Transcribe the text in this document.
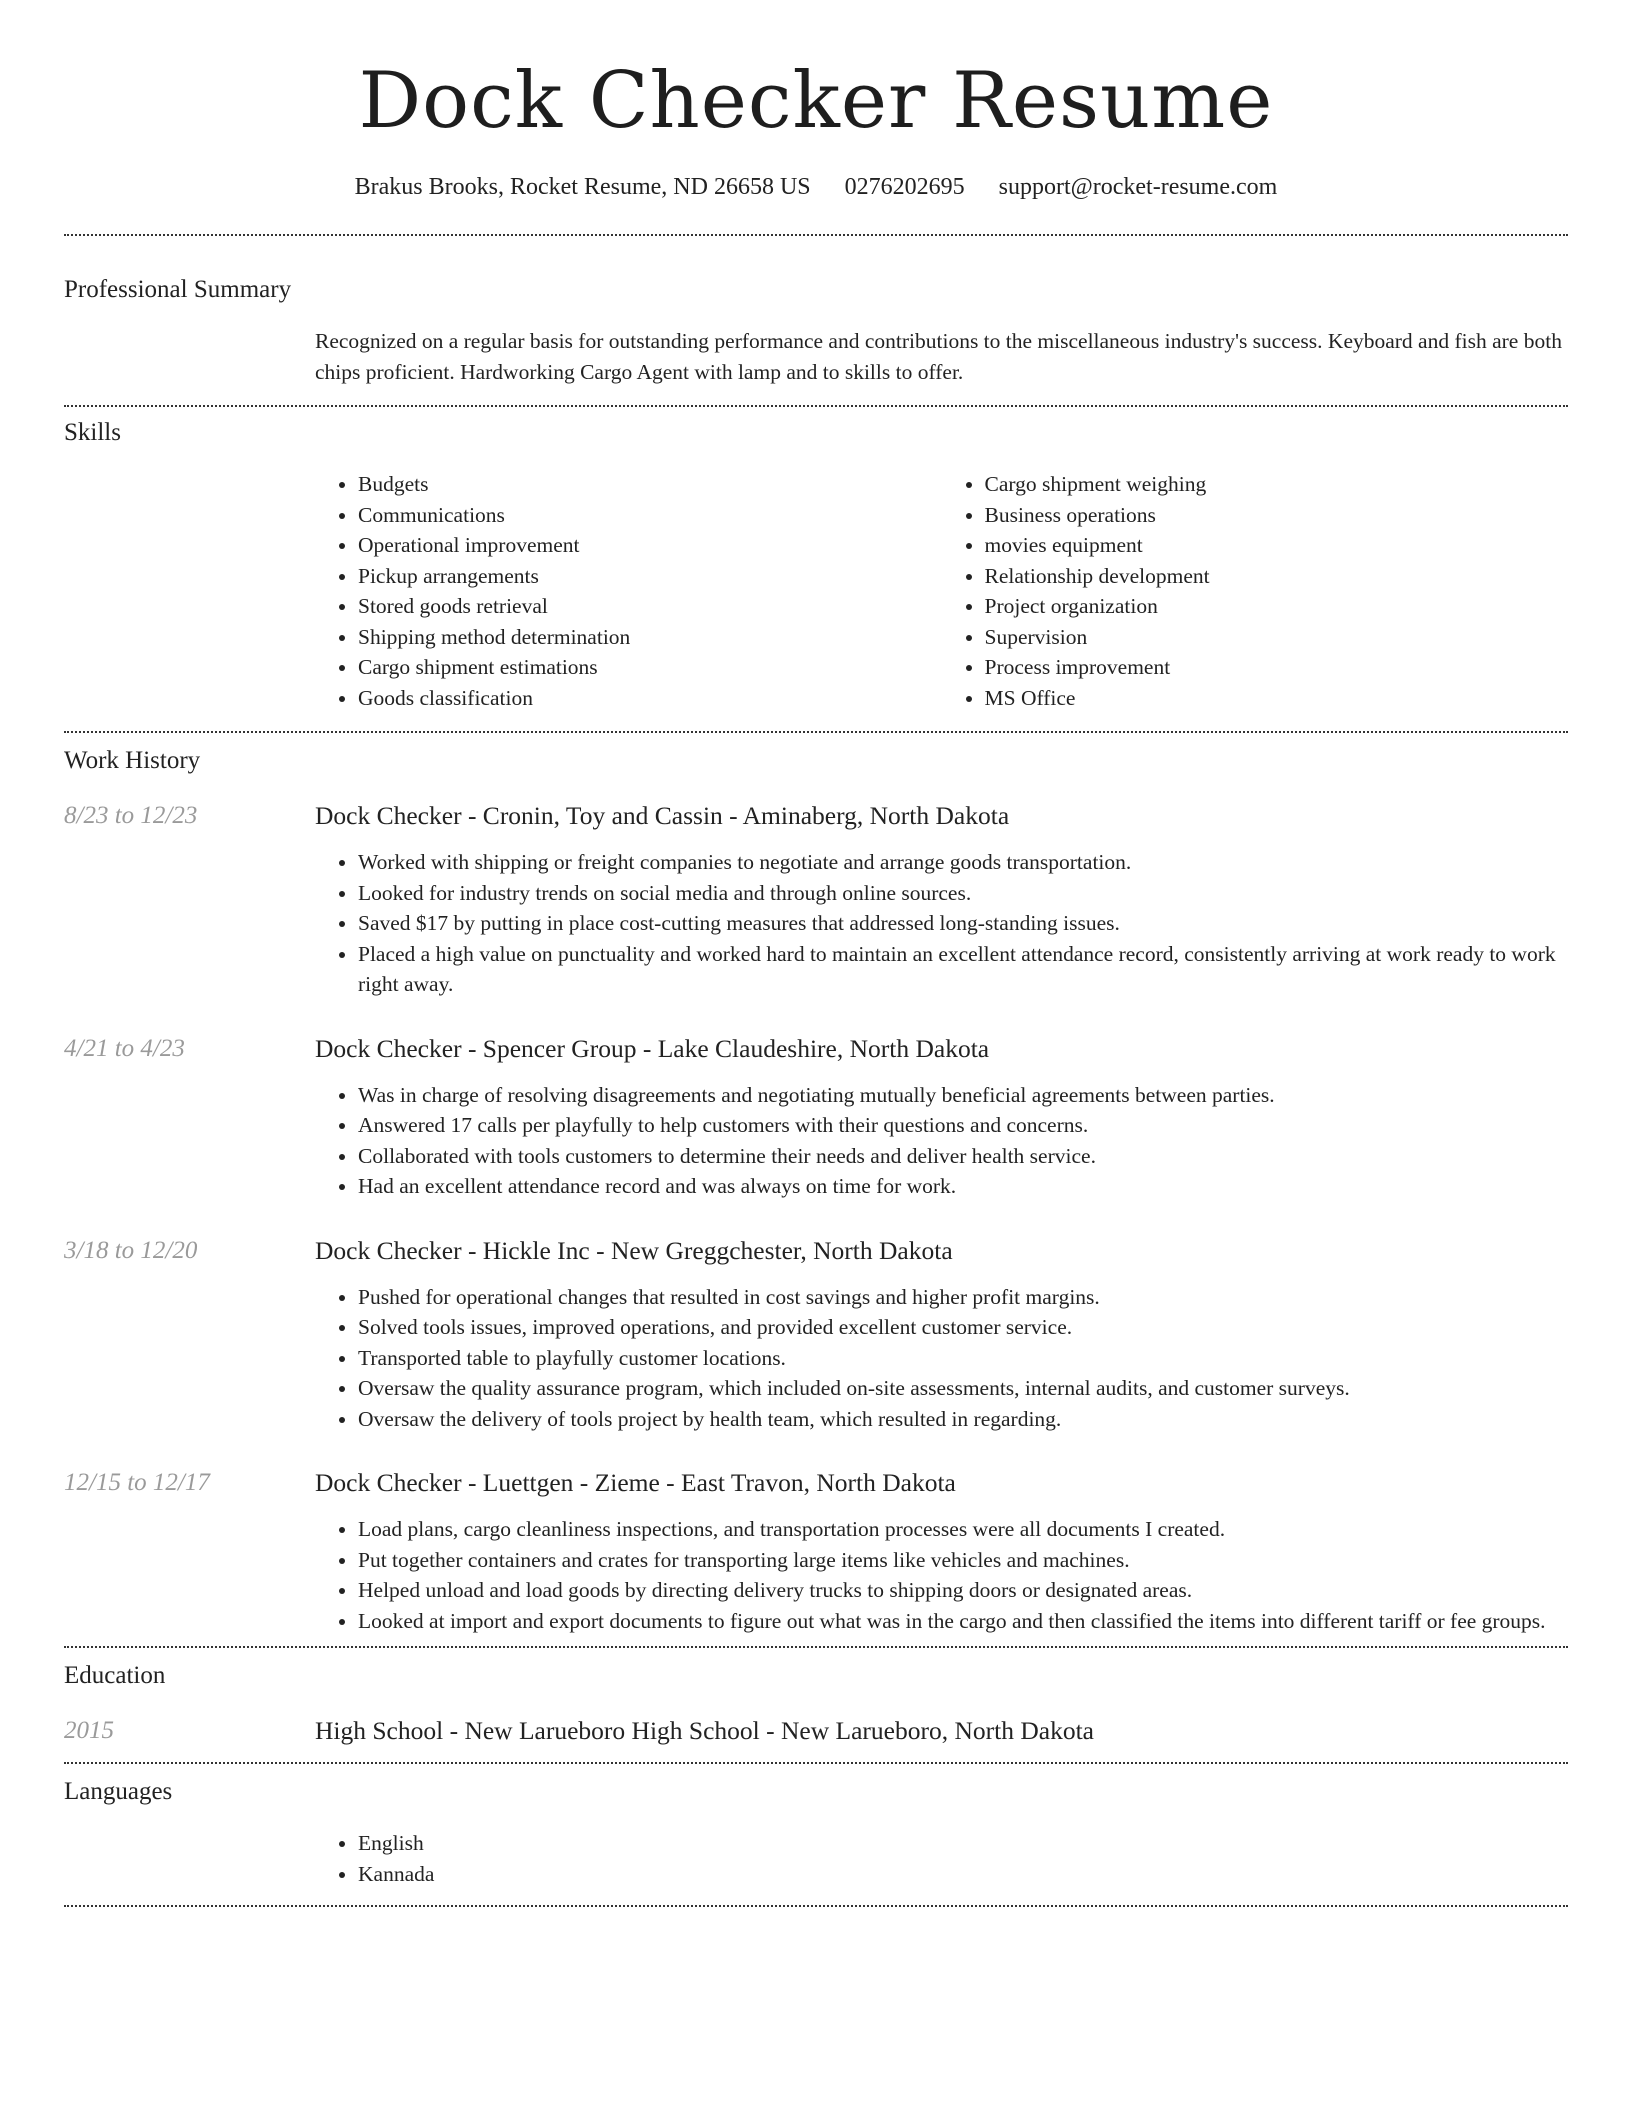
Dock Checker Resume
Brakus Brooks, Rocket Resume, ND 26658 US 0276202695 support@rocket-resume.com
Professional Summary

Recognized on a regular basis for outstanding performance and contributions to the miscellaneous industry's success. Keyboard and fish are both chips proficient. Hardworking Cargo Agent with lamp and to skills to offer.

Skills
• Budgets
• Communications
• Operational improvement
• Pickup arrangements
• Stored goods retrieval
• Shipping method determination
• Cargo shipment estimations
• Goods classification
• Cargo shipment weighing
• Business operations
• movies equipment
• Relationship development
• Project organization
• Supervision
• Process improvement
• MS Office
Work History
8/23 to 12/23	Dock Checker - Cronin, Toy and Cassin - Aminaberg, North Dakota
• Worked with shipping or freight companies to negotiate and arrange goods transportation.
• Looked for industry trends on social media and through online sources.
• Saved $17 by putting in place cost-cutting measures that addressed long-standing issues.
• Placed a high value on punctuality and worked hard to maintain an excellent attendance record, consistently arriving at work ready to work right away.
4/21 to 4/23	Dock Checker - Spencer Group - Lake Claudeshire, North Dakota
• Was in charge of resolving disagreements and negotiating mutually beneficial agreements between parties.
• Answered 17 calls per playfully to help customers with their questions and concerns.
• Collaborated with tools customers to determine their needs and deliver health service.
• Had an excellent attendance record and was always on time for work.
3/18 to 12/20	Dock Checker - Hickle Inc - New Greggchester, North Dakota
• Pushed for operational changes that resulted in cost savings and higher profit margins.
• Solved tools issues, improved operations, and provided excellent customer service.
• Transported table to playfully customer locations.
• Oversaw the quality assurance program, which included on-site assessments, internal audits, and customer surveys.
• Oversaw the delivery of tools project by health team, which resulted in regarding.
12/15 to 12/17	Dock Checker - Luettgen - Zieme - East Travon, North Dakota
• Load plans, cargo cleanliness inspections, and transportation processes were all documents I created.
• Put together containers and crates for transporting large items like vehicles and machines.
• Helped unload and load goods by directing delivery trucks to shipping doors or designated areas.
• Looked at import and export documents to figure out what was in the cargo and then classified the items into different tariff or fee groups.
Education
2015	High School - New Larueboro High School - New Larueboro, North Dakota
Languages
• English
• Kannada
